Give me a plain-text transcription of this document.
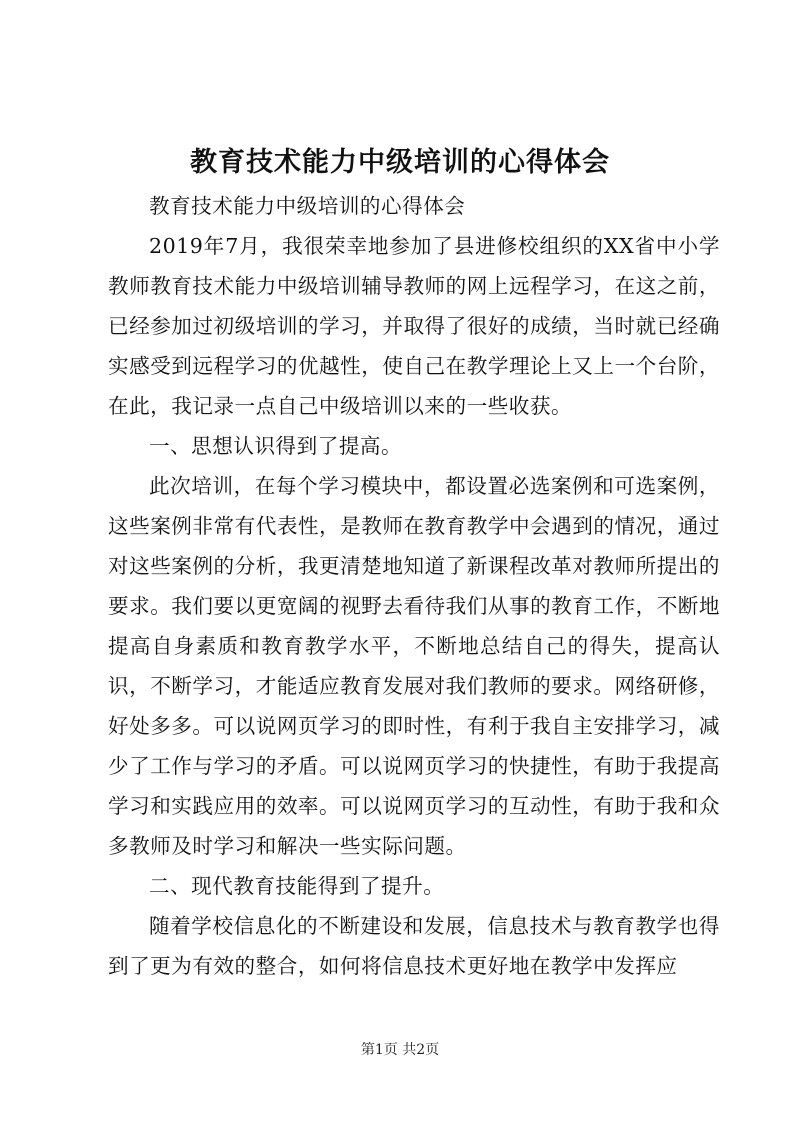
教育技术能力中级培训的心得体会

教育技术能力中级培训的心得体会

2019年7月，我很荣幸地参加了县进修校组织的XX省中小学教师教育技术能力中级培训辅导教师的网上远程学习，在这之前，已经参加过初级培训的学习，并取得了很好的成绩，当时就已经确实感受到远程学习的优越性，使自己在教学理论上又上一个台阶，在此，我记录一点自己中级培训以来的一些收获。

一、思想认识得到了提高。

此次培训，在每个学习模块中，都设置必选案例和可选案例，这些案例非常有代表性，是教师在教育教学中会遇到的情况，通过对这些案例的分析，我更清楚地知道了新课程改革对教师所提出的要求。我们要以更宽阔的视野去看待我们从事的教育工作，不断地提高自身素质和教育教学水平，不断地总结自己的得失，提高认识，不断学习，才能适应教育发展对我们教师的要求。网络研修，好处多多。可以说网页学习的即时性，有利于我自主安排学习，减少了工作与学习的矛盾。可以说网页学习的快捷性，有助于我提高学习和实践应用的效率。可以说网页学习的互动性，有助于我和众多教师及时学习和解决一些实际问题。

二、现代教育技能得到了提升。

随着学校信息化的不断建设和发展，信息技术与教育教学也得到了更为有效的整合，如何将信息技术更好地在教学中发挥应

第1页 共2页
